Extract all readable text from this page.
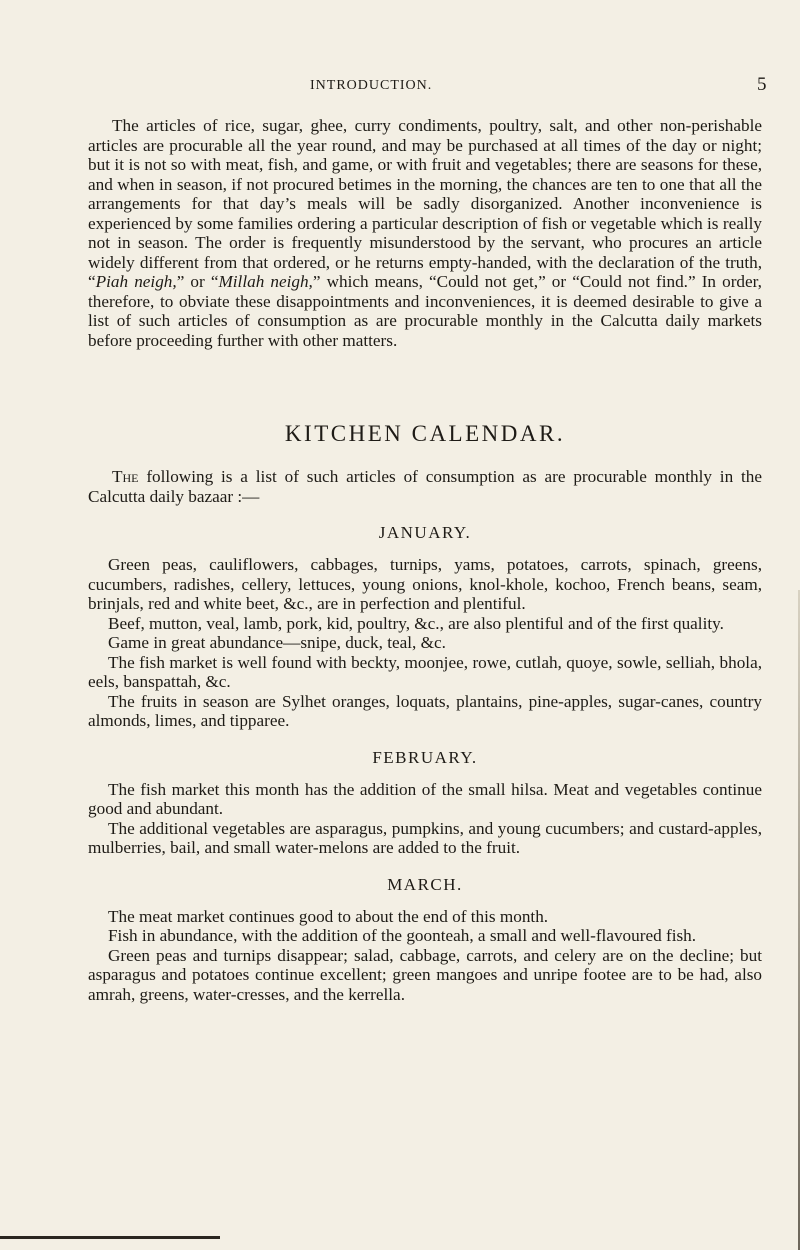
INTRODUCTION.	5

The articles of rice, sugar, ghee, curry condiments, poultry, salt, and other non-perishable articles are procurable all the year round, and may be purchased at all times of the day or night; but it is not so with meat, fish, and game, or with fruit and vegetables; there are seasons for these, and when in season, if not procured betimes in the morning, the chances are ten to one that all the arrangements for that day’s meals will be sadly disorganized. Another inconvenience is experienced by some families ordering a particular description of fish or vegetable which is really not in season. The order is frequently misunderstood by the servant, who procures an article widely different from that ordered, or he returns empty-handed, with the declaration of the truth, “Piah neigh,” or “Millah neigh,” which means, “Could not get,” or “Could not find.” In order, therefore, to obviate these disappointments and inconveniences, it is deemed desirable to give a list of such articles of consumption as are procurable monthly in the Calcutta daily markets before proceeding further with other matters.

KITCHEN CALENDAR.

The following is a list of such articles of consumption as are procurable monthly in the Calcutta daily bazaar :—

JANUARY.

Green peas, cauliflowers, cabbages, turnips, yams, potatoes, carrots, spinach, greens, cucumbers, radishes, cellery, lettuces, young onions, knol-khole, kochoo, French beans, seam, brinjals, red and white beet, &c., are in perfection and plentiful.

Beef, mutton, veal, lamb, pork, kid, poultry, &c., are also plentiful and of the first quality.

Game in great abundance—snipe, duck, teal, &c.

The fish market is well found with beckty, moonjee, rowe, cutlah, quoye, sowle, selliah, bhola, eels, banspattah, &c.

The fruits in season are Sylhet oranges, loquats, plantains, pine-apples, sugar-canes, country almonds, limes, and tipparee.

FEBRUARY.

The fish market this month has the addition of the small hilsa. Meat and vegetables continue good and abundant.

The additional vegetables are asparagus, pumpkins, and young cucumbers; and custard-apples, mulberries, bail, and small water-melons are added to the fruit.

MARCH.

The meat market continues good to about the end of this month.

Fish in abundance, with the addition of the goonteah, a small and well-flavoured fish.

Green peas and turnips disappear; salad, cabbage, carrots, and celery are on the decline; but asparagus and potatoes continue excellent; green mangoes and unripe footee are to be had, also amrah, greens, water-cresses, and the kerrella.
